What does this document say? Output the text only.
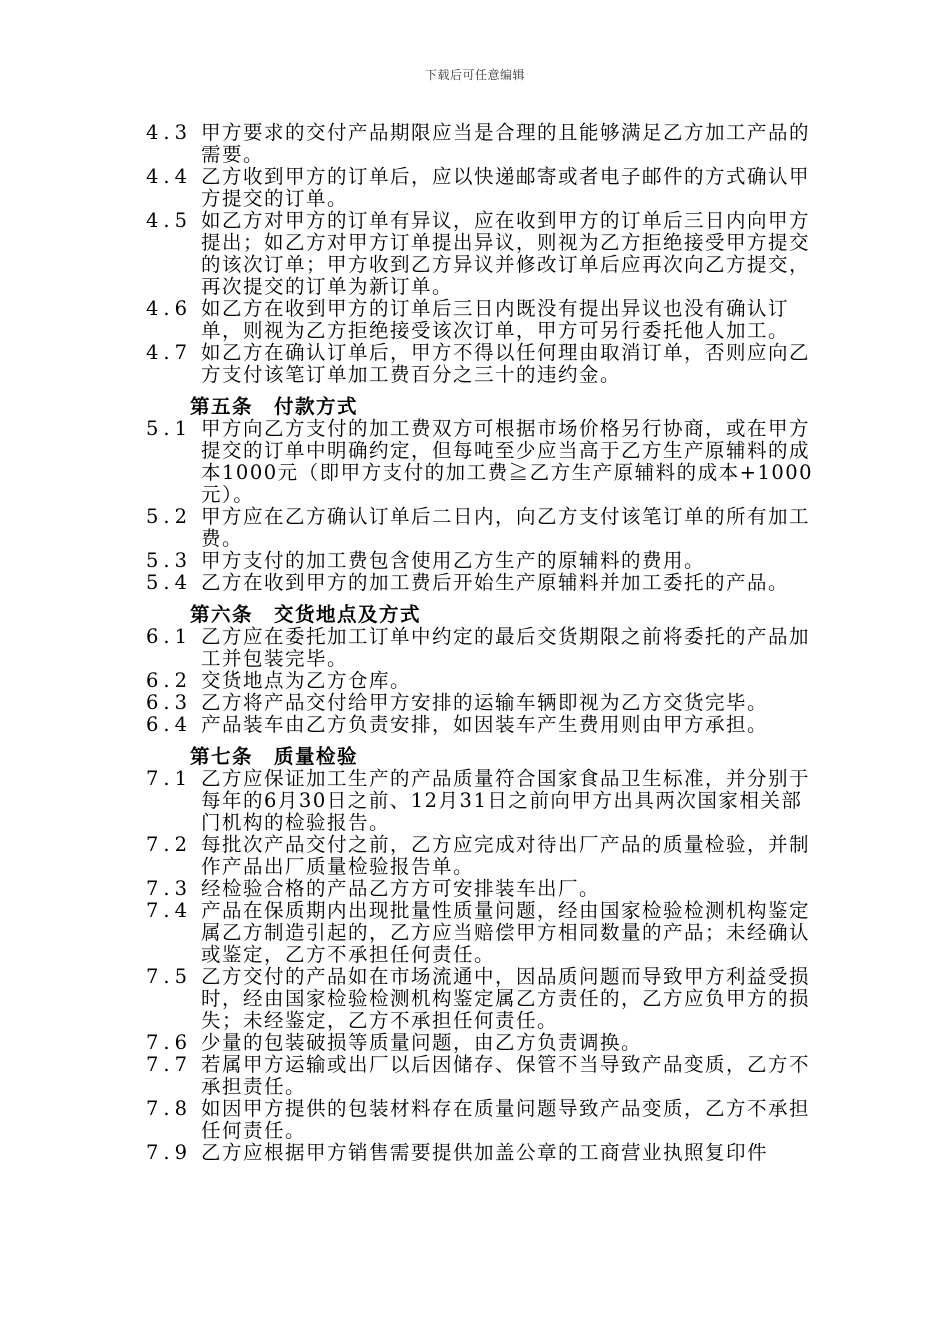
下载后可任意编辑
4.3 甲方要求的交付产品期限应当是合理的且能够满足乙方加工产品的需要。
4.4 乙方收到甲方的订单后，应以快递邮寄或者电子邮件的方式确认甲方提交的订单。
4.5 如乙方对甲方的订单有异议，应在收到甲方的订单后三日内向甲方提出；如乙方对甲方订单提出异议，则视为乙方拒绝接受甲方提交的该次订单；甲方收到乙方异议并修改订单后应再次向乙方提交，再次提交的订单为新订单。
4.6 如乙方在收到甲方的订单后三日内既没有提出异议也没有确认订单，则视为乙方拒绝接受该次订单，甲方可另行委托他人加工。
4.7 如乙方在确认订单后，甲方不得以任何理由取消订单，否则应向乙方支付该笔订单加工费百分之三十的违约金。
第五条　付款方式
5.1 甲方向乙方支付的加工费双方可根据市场价格另行协商，或在甲方提交的订单中明确约定，但每吨至少应当高于乙方生产原辅料的成本1000元（即甲方支付的加工费≧乙方生产原辅料的成本+1000元）。
5.2 甲方应在乙方确认订单后二日内，向乙方支付该笔订单的所有加工费。
5.3 甲方支付的加工费包含使用乙方生产的原辅料的费用。
5.4 乙方在收到甲方的加工费后开始生产原辅料并加工委托的产品。
第六条　交货地点及方式
6.1 乙方应在委托加工订单中约定的最后交货期限之前将委托的产品加工并包装完毕。
6.2 交货地点为乙方仓库。
6.3 乙方将产品交付给甲方安排的运输车辆即视为乙方交货完毕。
6.4 产品装车由乙方负责安排，如因装车产生费用则由甲方承担。
第七条　质量检验
7.1 乙方应保证加工生产的产品质量符合国家食品卫生标准，并分别于每年的6月30日之前、12月31日之前向甲方出具两次国家相关部门机构的检验报告。
7.2 每批次产品交付之前，乙方应完成对待出厂产品的质量检验，并制作产品出厂质量检验报告单。
7.3 经检验合格的产品乙方方可安排装车出厂。
7.4 产品在保质期内出现批量性质量问题，经由国家检验检测机构鉴定属乙方制造引起的，乙方应当赔偿甲方相同数量的产品；未经确认或鉴定，乙方不承担任何责任。
7.5 乙方交付的产品如在市场流通中，因品质问题而导致甲方利益受损时，经由国家检验检测机构鉴定属乙方责任的，乙方应负甲方的损失；未经鉴定，乙方不承担任何责任。
7.6 少量的包装破损等质量问题，由乙方负责调换。
7.7 若属甲方运输或出厂以后因储存、保管不当导致产品变质，乙方不承担责任。
7.8 如因甲方提供的包装材料存在质量问题导致产品变质，乙方不承担任何责任。
7.9 乙方应根据甲方销售需要提供加盖公章的工商营业执照复印件
